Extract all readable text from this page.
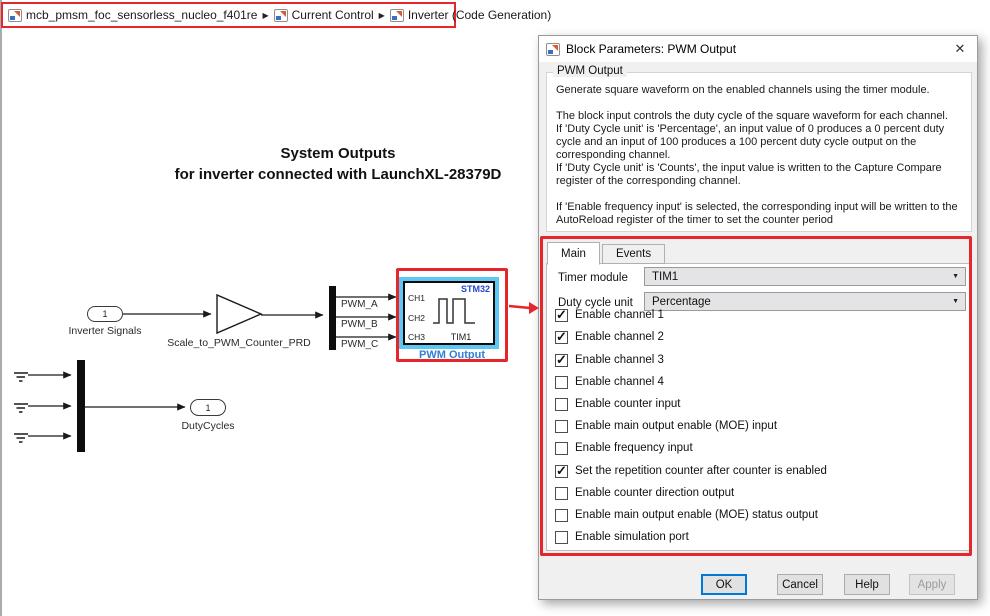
mcb_pmsm_foc_sensorless_nucleo_f401re ▶ Current Control ▶ Inverter (Code Generation)
System Outputs
for inverter connected with LaunchXL-28379D
1
Inverter Signals
Scale_to_PWM_Counter_PRD
PWM_A
PWM_B
PWM_C
STM32
CH1
CH2
CH3	TIM1
PWM Output
1
DutyCycles
Block Parameters: PWM Output	✕
PWM Output

Generate square waveform on the enabled channels using the timer module.

The block input controls the duty cycle of the square waveform for each channel.

If 'Duty Cycle unit' is 'Percentage', an input value of 0 produces a 0 percent duty cycle and an input of 100 produces a 100 percent duty cycle output on the corresponding channel.

If 'Duty Cycle unit' is 'Counts', the input value is written to the Capture Compare register of the corresponding channel.

If 'Enable frequency input' is selected, the corresponding input will be written to the AutoReload register of the timer to set the counter period

Main	Events
Timer module TIM1	▼
Duty cycle unit Percentage	▼
✓ Enable channel 1
✓ Enable channel 2
✓ Enable channel 3
Enable channel 4
Enable counter input
Enable main output enable (MOE) input
Enable frequency input
✓ Set the repetition counter after counter is enabled
Enable counter direction output
Enable main output enable (MOE) status output
Enable simulation port
OK	Cancel	Help	Apply
